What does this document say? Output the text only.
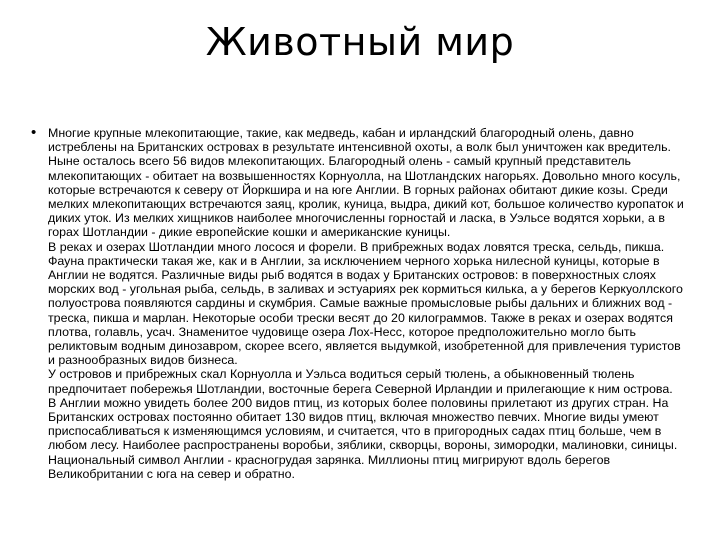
Животный мир
• Многие крупные млекопитающие, такие, как медведь, кабан и ирландский благородный олень, давно истреблены на Британских островах в результате интенсивной охоты, а волк был уничтожен как вредитель. Ныне осталось всего 56 видов млекопитающих. Благородный олень - самый крупный представитель млекопитающих - обитает на возвышенностях Корнуолла, на Шотландских нагорьях. Довольно много косуль, которые встречаются к северу от Йоркшира и на юге Англии. В горных районах обитают дикие козы. Среди мелких млекопитающих встречаются заяц, кролик, куница, выдра, дикий кот, большое количество куропаток и диких уток. Из мелких хищников наиболее многочисленны горностай и ласка, в Уэльсе водятся хорьки, а в горах Шотландии - дикие европейские кошки и американские куницы.
В реках и озерах Шотландии много лосося и форели. В прибрежных водах ловятся треска, сельдь, пикша. Фауна практически такая же, как и в Англии, за исключением черного хорька нилесной куницы, которые в Англии не водятся. Различные виды рыб водятся в водах у Британских островов: в поверхностных слоях морских вод - угольная рыба, сельдь, в заливах и эстуариях рек кормиться килька, а у берегов Керкуоллского полуострова появляются сардины и скумбрия. Самые важные промысловые рыбы дальних и ближних вод - треска, пикша и марлан. Некоторые особи трески весят до 20 килограммов. Также в реках и озерах водятся плотва, голавль, усач. Знаменитое чудовище озера Лох-Несс, которое предположительно могло быть реликтовым водным динозавром, скорее всего, является выдумкой, изобретенной для привлечения туристов и разнообразных видов бизнеса.
У островов и прибрежных скал Корнуолла и Уэльса водиться серый тюлень, а обыкновенный тюлень предпочитает побережья Шотландии, восточные берега Северной Ирландии и прилегающие к ним острова.
В Англии можно увидеть более 200 видов птиц, из которых более половины прилетают из других стран. На Британских островах постоянно обитает 130 видов птиц, включая множество певчих. Многие виды умеют приспосабливаться к изменяющимся условиям, и считается, что в пригородных садах птиц больше, чем в любом лесу. Наиболее распространены воробьи, зяблики, скворцы, вороны, зимородки, малиновки, синицы. Национальный символ Англии - красногрудая зарянка. Миллионы птиц мигрируют вдоль берегов Великобритании с юга на север и обратно.
